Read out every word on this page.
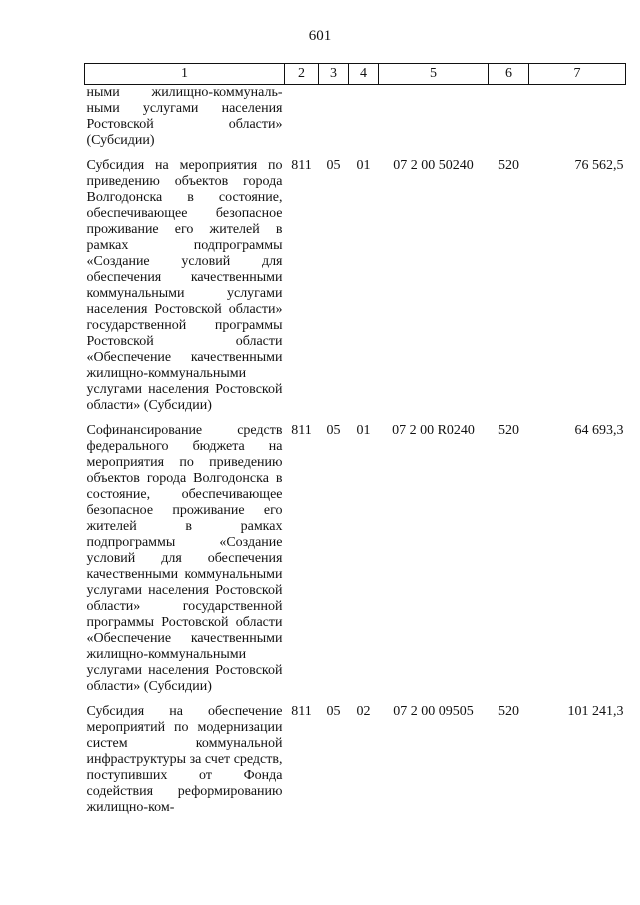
601
1	2	3	4	5	6	7
ными жилищно-коммуналь-ными услугами населения Ростовской области» (Субсидии)						

Субсидия на мероприятия по приведению объектов города Волгодонска в состояние, обеспечивающее безопасное проживание его жителей в рамках подпрограммы «Создание условий для обеспечения качественными коммунальными услугами населения Ростовской области» государственной программы Ростовской области «Обеспечение качественными жилищно-коммунальными услугами населения Ростовской области» (Субсидии)	811	05	01	07 2 00 50240	520	76 562,5

Софинансирование средств федерального бюджета на мероприятия по приведению объектов города Волгодонска в состояние, обеспечивающее безопасное проживание его жителей в рамках подпрограммы «Создание условий для обеспечения качественными коммунальными услугами населения Ростовской области» государственной программы Ростовской области «Обеспечение качественными жилищно-коммунальными услугами населения Ростовской области» (Субсидии)	811	05	01	07 2 00 R0240	520	64 693,3

Субсидия на обеспечение мероприятий по модернизации систем коммунальной инфраструктуры за счет средств, поступивших от Фонда содействия реформированию жилищно-ком-	811	05	02	07 2 00 09505	520	101 241,3
